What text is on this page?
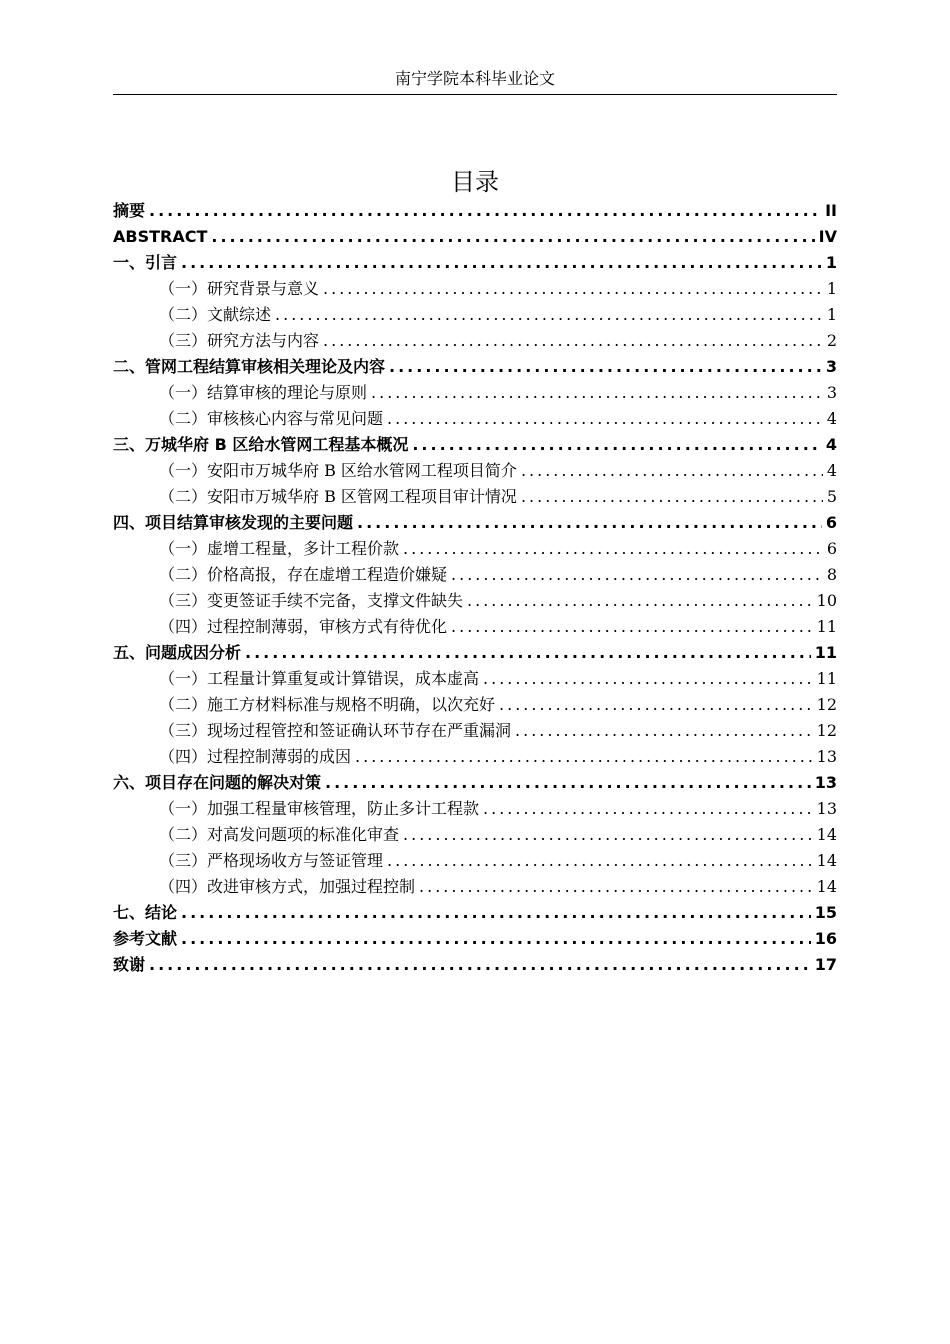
南宁学院本科毕业论文
目录
摘要 .....	II
ABSTRACT .....	IV
一、引言 .....	1
（一）研究背景与意义 .....	1
（二）文献综述 .....	1
（三）研究方法与内容 .....	2
二、管网工程结算审核相关理论及内容 .....	3
（一）结算审核的理论与原则 .....	3
（二）审核核心内容与常见问题 .....	4
三、万城华府 B 区给水管网工程基本概况 .....	4
（一）安阳市万城华府 B 区给水管网工程项目简介 .....	4
（二）安阳市万城华府 B 区管网工程项目审计情况 .....	5
四、项目结算审核发现的主要问题 .....	6
（一）虚增工程量，多计工程价款 .....	6
（二）价格高报，存在虚增工程造价嫌疑 .....	8
（三）变更签证手续不完备，支撑文件缺失 .....	10
（四）过程控制薄弱，审核方式有待优化 .....	11
五、问题成因分析 .....	11
（一）工程量计算重复或计算错误，成本虚高 .....	11
（二）施工方材料标准与规格不明确，以次充好 .....	12
（三）现场过程管控和签证确认环节存在严重漏洞 .....	12
（四）过程控制薄弱的成因 .....	13
六、项目存在问题的解决对策 .....	13
（一）加强工程量审核管理，防止多计工程款 .....	13
（二）对高发问题项的标准化审查 .....	14
（三）严格现场收方与签证管理 .....	14
（四）改进审核方式，加强过程控制 .....	14
七、结论 .....	15
参考文献 .....	16
致谢 .....	17
